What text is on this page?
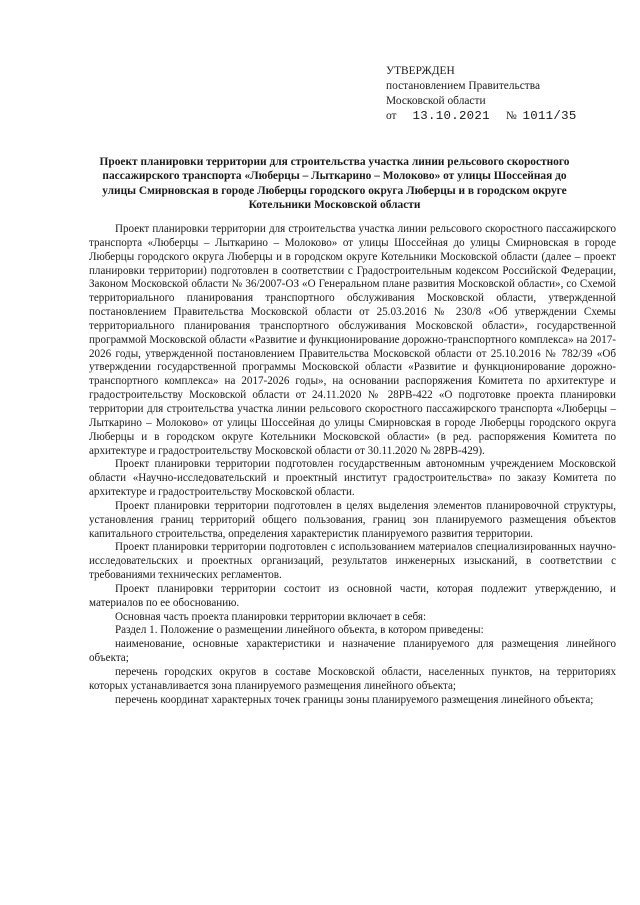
УТВЕРЖДЕН
постановлением Правительства
Московской области
от 13.10.2021 № 1011/35
Проект планировки территории для строительства участка линии рельсового скоростного пассажирского транспорта «Люберцы – Лыткарино – Молоково» от улицы Шоссейная до улицы Смирновская в городе Люберцы городского округа Люберцы и в городском округе Котельники Московской области

Проект планировки территории для строительства участка линии рельсового скоростного пассажирского транспорта «Люберцы – Лыткарино – Молоково» от улицы Шоссейная до улицы Смирновская в городе Люберцы городского округа Люберцы и в городском округе Котельники Московской области (далее – проект планировки территории) подготовлен в соответствии с Градостроительным кодексом Российской Федерации, Законом Московской области № 36/2007-ОЗ «О Генеральном плане развития Московской области», со Схемой территориального планирования транспортного обслуживания Московской области, утвержденной постановлением Правительства Московской области от 25.03.2016 № 230/8 «Об утверждении Схемы территориального планирования транспортного обслуживания Московской области», государственной программой Московской области «Развитие и функционирование дорожно-транспортного комплекса» на 2017-2026 годы, утвержденной постановлением Правительства Московской области от 25.10.2016 № 782/39 «Об утверждении государственной программы Московской области «Развитие и функционирование дорожно-транспортного комплекса» на 2017-2026 годы», на основании распоряжения Комитета по архитектуре и градостроительству Московской области от 24.11.2020 № 28РВ-422 «О подготовке проекта планировки территории для строительства участка линии рельсового скоростного пассажирского транспорта «Люберцы – Лыткарино – Молоково» от улицы Шоссейная до улицы Смирновская в городе Люберцы городского округа Люберцы и в городском округе Котельники Московской области» (в ред. распоряжения Комитета по архитектуре и градостроительству Московской области от 30.11.2020 № 28РВ-429).

Проект планировки территории подготовлен государственным автономным учреждением Московской области «Научно-исследовательский и проектный институт градостроительства» по заказу Комитета по архитектуре и градостроительству Московской области.

Проект планировки территории подготовлен в целях выделения элементов планировочной структуры, установления границ территорий общего пользования, границ зон планируемого размещения объектов капитального строительства, определения характеристик планируемого развития территории.

Проект планировки территории подготовлен с использованием материалов специализированных научно-исследовательских и проектных организаций, результатов инженерных изысканий, в соответствии с требованиями технических регламентов.

Проект планировки территории состоит из основной части, которая подлежит утверждению, и материалов по ее обоснованию.

Основная часть проекта планировки территории включает в себя:

Раздел 1. Положение о размещении линейного объекта, в котором приведены:

наименование, основные характеристики и назначение планируемого для размещения линейного объекта;

перечень городских округов в составе Московской области, населенных пунктов, на территориях которых устанавливается зона планируемого размещения линейного объекта;

перечень координат характерных точек границы зоны планируемого размещения линейного объекта;
